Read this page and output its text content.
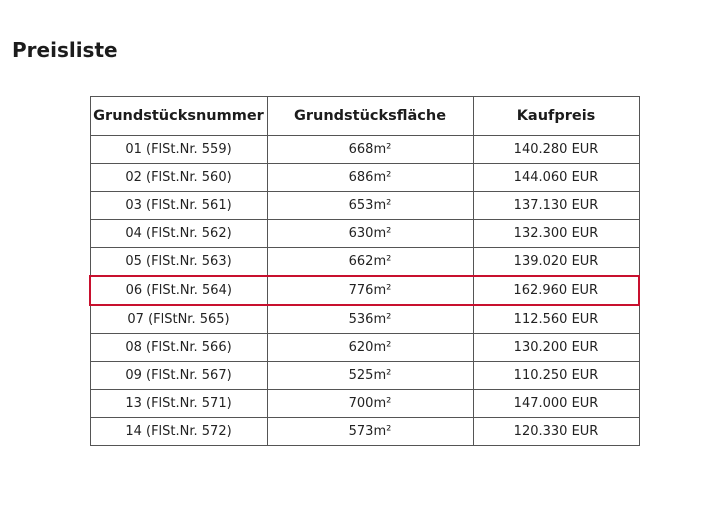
Preisliste
Grundstücksnummer	Grundstücksfläche	Kaufpreis
01 (FlSt.Nr. 559)	668m²	140.280 EUR
02 (FlSt.Nr. 560)	686m²	144.060 EUR
03 (FlSt.Nr. 561)	653m²	137.130 EUR
04 (FlSt.Nr. 562)	630m²	132.300 EUR
05 (FlSt.Nr. 563)	662m²	139.020 EUR
06 (FlSt.Nr. 564)	776m²	162.960 EUR
07 (FlStNr. 565)	536m²	112.560 EUR
08 (FlSt.Nr. 566)	620m²	130.200 EUR
09 (FlSt.Nr. 567)	525m²	110.250 EUR
13 (FlSt.Nr. 571)	700m²	147.000 EUR
14 (FlSt.Nr. 572)	573m²	120.330 EUR
